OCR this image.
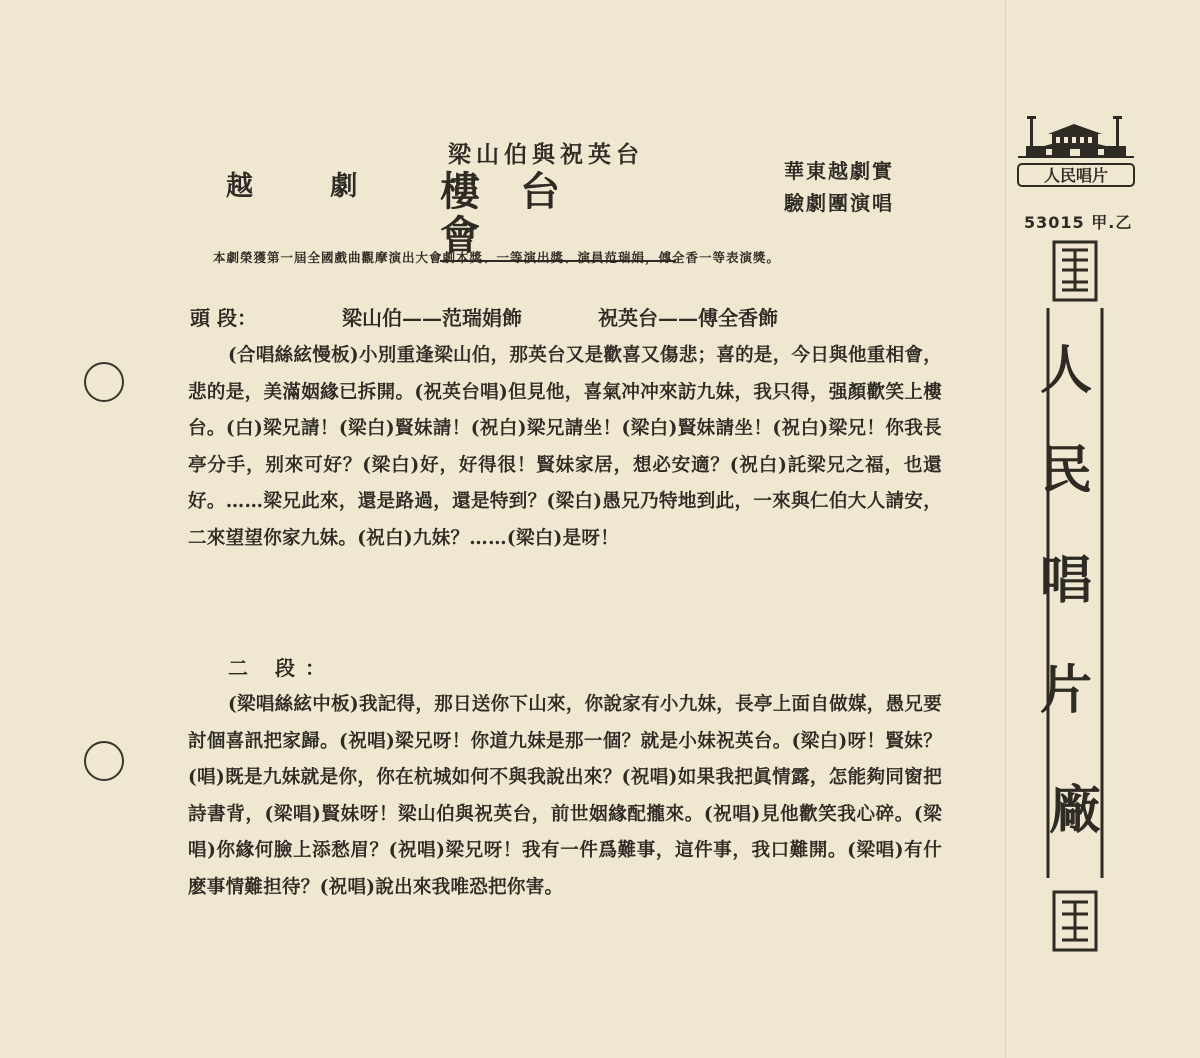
越 劇
梁山伯與祝英台
樓台會
華東越劇實
驗劇團演唱
本劇榮獲第一屆全國戲曲觀摩演出大會劇本獎、一等演出獎、演員范瑞娟，傅全香一等表演獎。
頭 段：	梁山伯——范瑞娟飾	祝英台——傅全香飾
(合唱絲絃慢板)小別重逢梁山伯，那英台又是歡喜又傷悲；喜的是，今日與他重相會，悲的是，美滿姻緣已拆開。(祝英台唱)但見他，喜氣冲冲來訪九妹，我只得，强顏歡笑上樓台。(白)梁兄請！(梁白)賢妹請！(祝白)梁兄請坐！(梁白)賢妹請坐！(祝白)梁兄！你我長亭分手，别來可好？(梁白)好，好得很！賢妹家居，想必安適？(祝白)託梁兄之福，也還好。……梁兄此來，還是路過，還是特到？(梁白)愚兄乃特地到此，一來與仁伯大人請安，二來望望你家九妹。(祝白)九妹？……(梁白)是呀！
二 段：
(梁唱絲絃中板)我記得，那日送你下山來，你說家有小九妹，長亭上面自做媒，愚兄要討個喜訊把家歸。(祝唱)梁兄呀！你道九妹是那一個？就是小妹祝英台。(梁白)呀！賢妹？(唱)既是九妹就是你，你在杭城如何不與我說出來？(祝唱)如果我把眞情露，怎能夠同窗把詩書背，(梁唱)賢妹呀！梁山伯與祝英台，前世姻緣配攏來。(祝唱)見他歡笑我心碎。(梁唱)你緣何臉上添愁眉？(祝唱)梁兄呀！我有一件爲難事，這件事，我口難開。(梁唱)有什麽事情難担待？(祝唱)說出來我唯恐把你害。
人民唱片
53015 甲.乙
人 民 唱 片 廠
